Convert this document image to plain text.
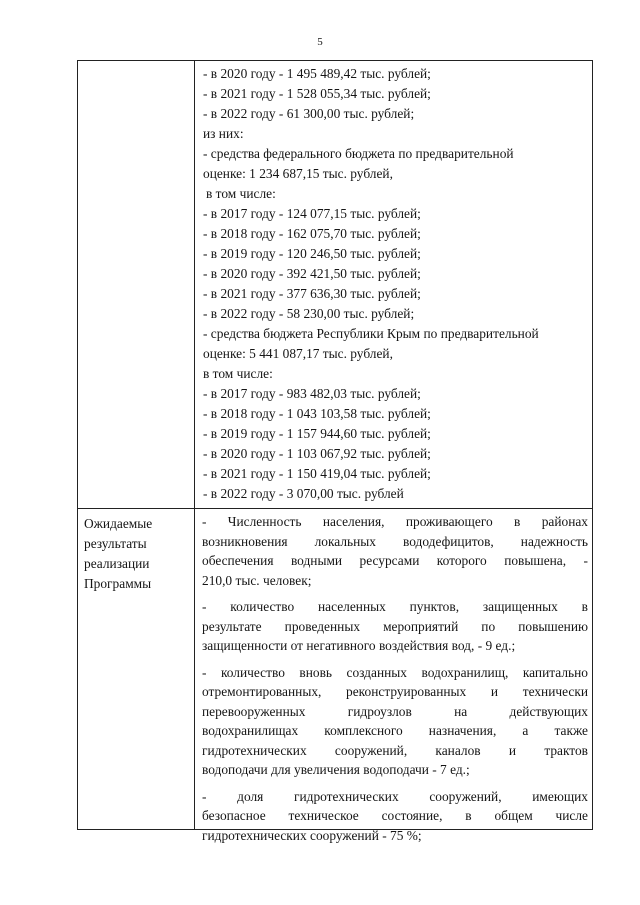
5
- в 2020 году - 1 495 489,42 тыс. рублей;
- в 2021 году - 1 528 055,34 тыс. рублей;
- в 2022 году - 61 300,00 тыс. рублей;
из них:
- средства федерального бюджета по предварительной
оценке: 1 234 687,15 тыс. рублей,
в том числе:
- в 2017 году - 124 077,15 тыс. рублей;
- в 2018 году - 162 075,70 тыс. рублей;
- в 2019 году - 120 246,50 тыс. рублей;
- в 2020 году - 392 421,50 тыс. рублей;
- в 2021 году - 377 636,30 тыс. рублей;
- в 2022 году - 58 230,00 тыс. рублей;
- средства бюджета Республики Крым по предварительной
оценке: 5 441 087,17 тыс. рублей,
в том числе:
- в 2017 году - 983 482,03 тыс. рублей;
- в 2018 году - 1 043 103,58 тыс. рублей;
- в 2019 году - 1 157 944,60 тыс. рублей;
- в 2020 году - 1 103 067,92 тыс. рублей;
- в 2021 году - 1 150 419,04 тыс. рублей;
- в 2022 году - 3 070,00 тыс. рублей
Ожидаемые
результаты
реализации
Программы
- Численность населения, проживающего в районах
возникновения локальных вододефицитов, надежность
обеспечения водными ресурсами которого повышена, -
210,0 тыс. человек;
- количество населенных пунктов, защищенных в
результате проведенных мероприятий по повышению
защищенности от негативного воздействия вод, - 9 ед.;
- количество вновь созданных водохранилищ, капитально
отремонтированных, реконструированных и технически
перевооруженных гидроузлов на действующих
водохранилищах комплексного назначения, а также
гидротехнических сооружений, каналов и трактов
водоподачи для увеличения водоподачи - 7 ед.;
- доля гидротехнических сооружений, имеющих
безопасное техническое состояние, в общем числе
гидротехнических сооружений - 75 %;
